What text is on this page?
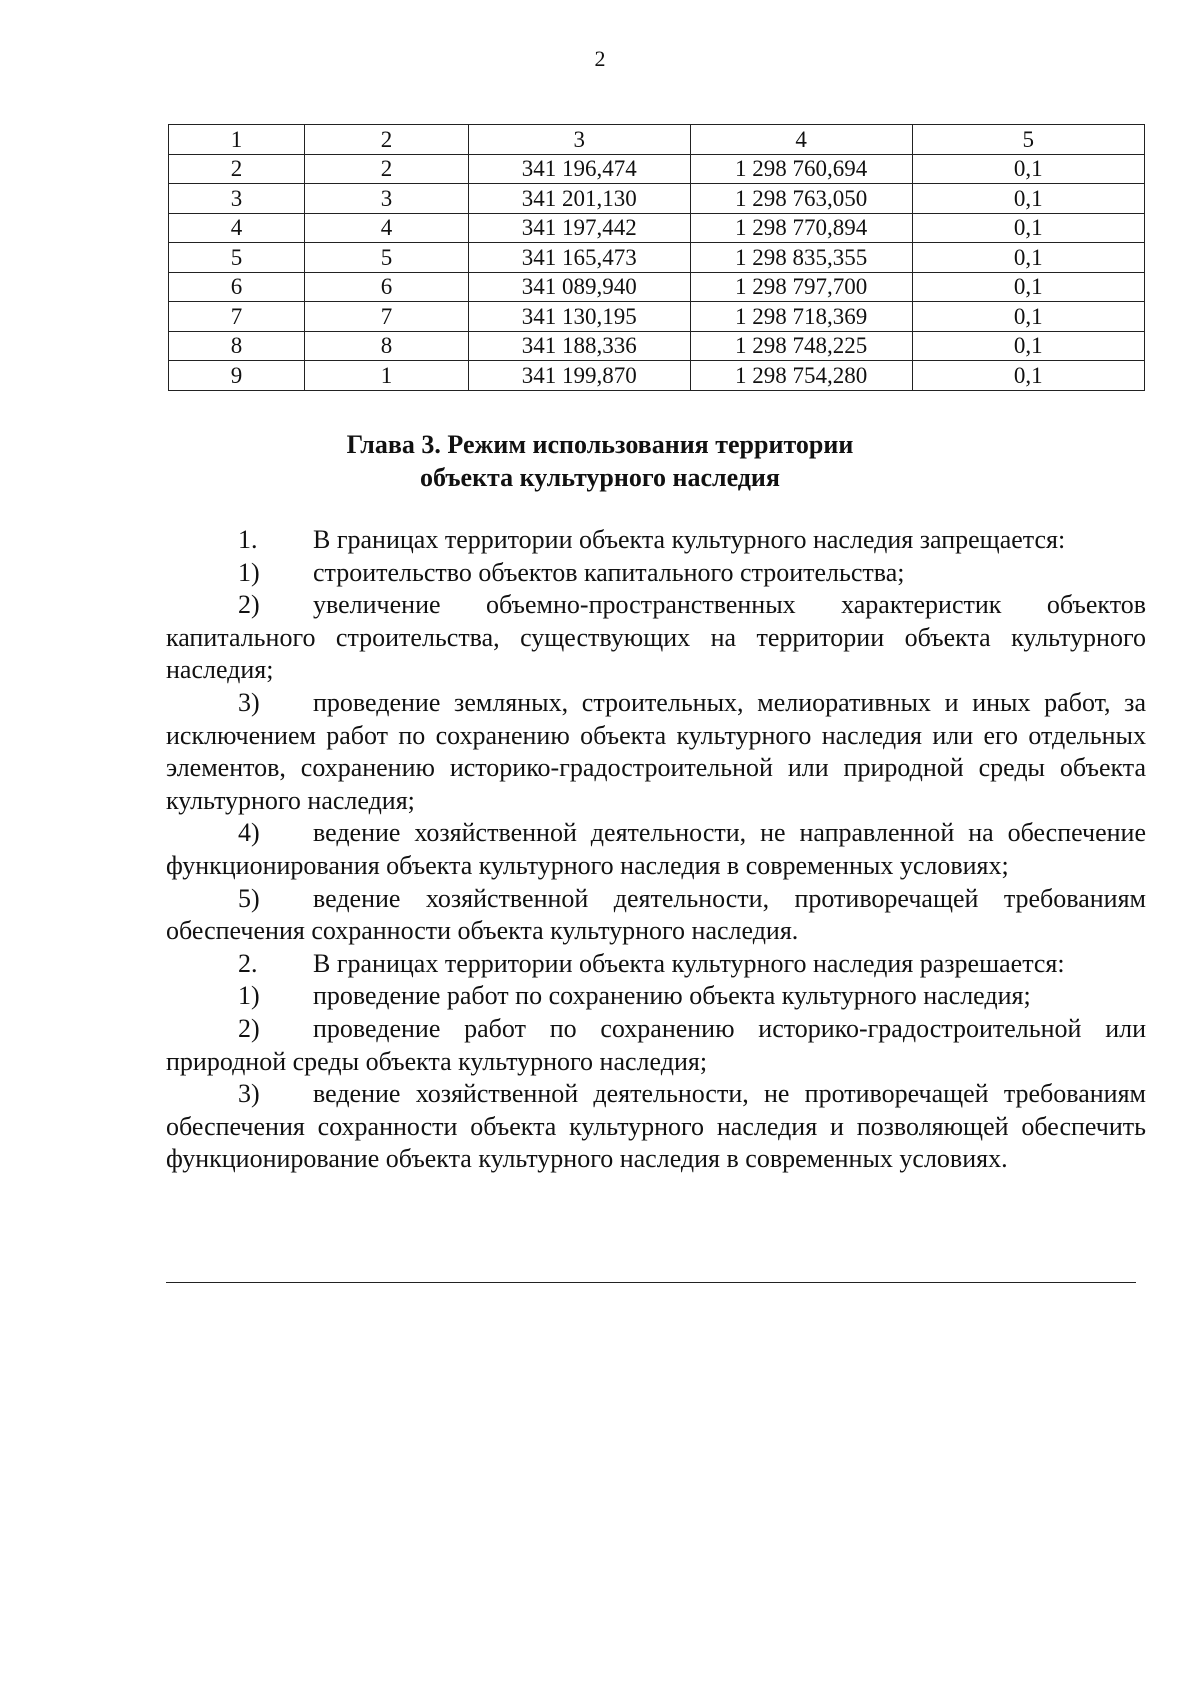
2
1	2	3	4	5
2	2	341 196,474	1 298 760,694	0,1
3	3	341 201,130	1 298 763,050	0,1
4	4	341 197,442	1 298 770,894	0,1
5	5	341 165,473	1 298 835,355	0,1
6	6	341 089,940	1 298 797,700	0,1
7	7	341 130,195	1 298 718,369	0,1
8	8	341 188,336	1 298 748,225	0,1
9	1	341 199,870	1 298 754,280	0,1
Глава 3. Режим использования территории
объекта культурного наследия

1. В границах территории объекта культурного наследия запрещается:

1) строительство объектов капитального строительства;

2) увеличение объемно-пространственных характеристик объектов капитального строительства, существующих на территории объекта культурного наследия;

3) проведение земляных, строительных, мелиоративных и иных работ, за исключением работ по сохранению объекта культурного наследия или его отдельных элементов, сохранению историко-градостроительной или природной среды объекта культурного наследия;

4) ведение хозяйственной деятельности, не направленной на обеспечение функционирования объекта культурного наследия в современных условиях;

5) ведение хозяйственной деятельности, противоречащей требованиям обеспечения сохранности объекта культурного наследия.

2. В границах территории объекта культурного наследия разрешается:

1) проведение работ по сохранению объекта культурного наследия;

2) проведение работ по сохранению историко-градостроительной или природной среды объекта культурного наследия;

3) ведение хозяйственной деятельности, не противоречащей требованиям обеспечения сохранности объекта культурного наследия и позволяющей обеспечить функционирование объекта культурного наследия в современных условиях.
